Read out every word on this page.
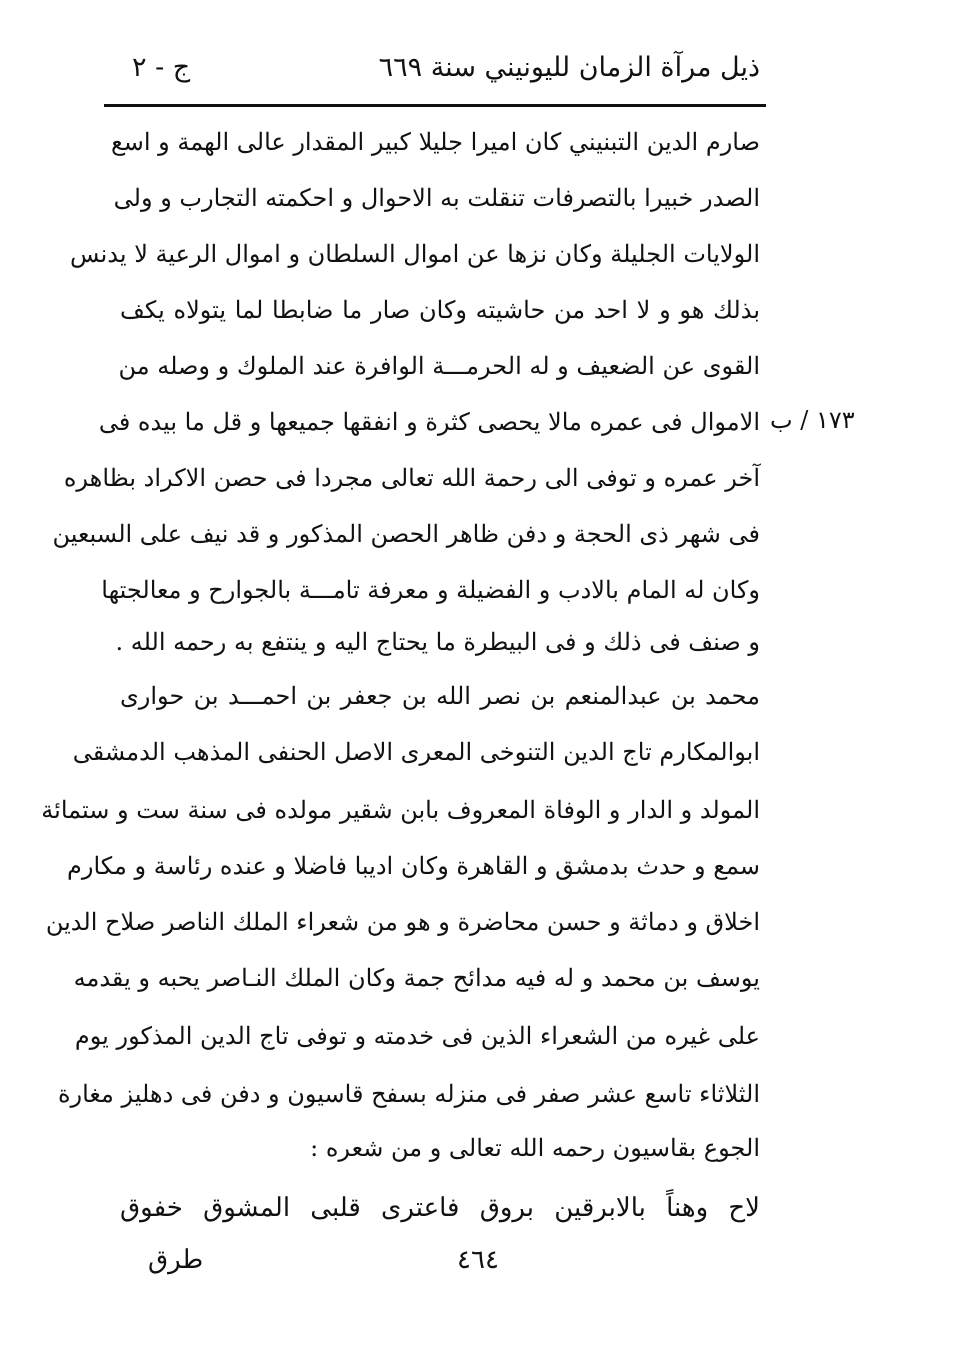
ذيل مرآة الزمان لليونيني سنة ٦٦٩
ج - ٢
١٧٣ / ب
صارم الدين التبنيني كان اميرا جليلا كبير المقدار عالى الهمة و اسع
الصدر خبيرا بالتصرفات تنقلت به الاحوال و احكمته التجارب و ولى
الولايات الجليلة وكان نزها عن اموال السلطان و اموال الرعية لا يدنس
بذلك هو و لا احد من حاشيته وكان صار ما ضابطا لما يتولاه يكف
القوى عن الضعيف و له الحرمـــة الوافرة عند الملوك و وصله من
الاموال فى عمره مالا يحصى كثرة و انفقها جميعها و قل ما بيده فى
آخر عمره و توفى الى رحمة الله تعالى مجردا فى حصن الاكراد بظاهره
فى شهر ذى الحجة و دفن ظاهر الحصن المذكور و قد نيف على السبعين
وكان له المام بالادب و الفضيلة و معرفة تامـــة بالجوارح و معالجتها
و صنف فى ذلك و فى البيطرة ما يحتاج اليه و ينتفع به رحمه الله .
محمد بن عبدالمنعم بن نصر الله بن جعفر بن احمـــد بن حوارى
ابوالمكارم تاج الدين التنوخى المعرى الاصل الحنفى المذهب الدمشقى
المولد و الدار و الوفاة المعروف بابن شقير مولده فى سنة ست و ستمائة
سمع و حدث بدمشق و القاهرة وكان اديبا فاضلا و عنده رئاسة و مكارم
اخلاق و دماثة و حسن محاضرة و هو من شعراء الملك الناصر صلاح الدين
يوسف بن محمد و له فيه مدائح جمة وكان الملك النـاصر يحبه و يقدمه
على غيره من الشعراء الذين فى خدمته و توفى تاج الدين المذكور يوم
الثلاثاء تاسع عشر صفر فى منزله بسفح قاسيون و دفن فى دهليز مغارة
الجوع بقاسيون رحمه الله تعالى و من شعره :
لاح وهناً بالابرقين بروق فاعترى قلبى المشوق خفوق
طرق	٤٦٤
